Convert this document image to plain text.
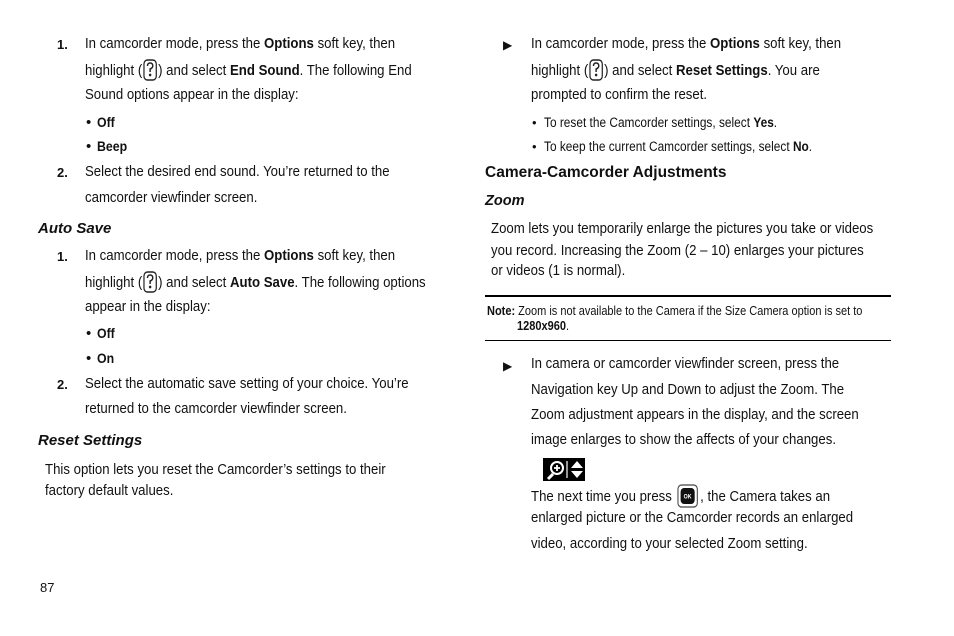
1. In camcorder mode, press the Options soft key, then
highlight ( ) and select End Sound. The following End
Sound options appear in the display:
• Off
• Beep
2. Select the desired end sound. You’re returned to the
camcorder viewfinder screen.
Auto Save
1. In camcorder mode, press the Options soft key, then
highlight ( ) and select Auto Save. The following options
appear in the display:
• Off
• On
2. Select the automatic save setting of your choice. You’re
returned to the camcorder viewfinder screen.
Reset Settings
This option lets you reset the Camcorder’s settings to their
factory default values.
87
▶ In camcorder mode, press the Options soft key, then
highlight ( ) and select Reset Settings. You are
prompted to confirm the reset.
• To reset the Camcorder settings, select Yes.
• To keep the current Camcorder settings, select No.
Camera-Camcorder Adjustments
Zoom
Zoom lets you temporarily enlarge the pictures you take or videos
you record. Increasing the Zoom (2 – 10) enlarges your pictures
or videos (1 is normal).
Note: Zoom is not available to the Camera if the Size Camera option is set to
1280x960.
▶ In camera or camcorder viewfinder screen, press the
Navigation key Up and Down to adjust the Zoom. The
Zoom adjustment appears in the display, and the screen
image enlarges to show the affects of your changes.
The next time you press OK , the Camera takes an
enlarged picture or the Camcorder records an enlarged
video, according to your selected Zoom setting.
